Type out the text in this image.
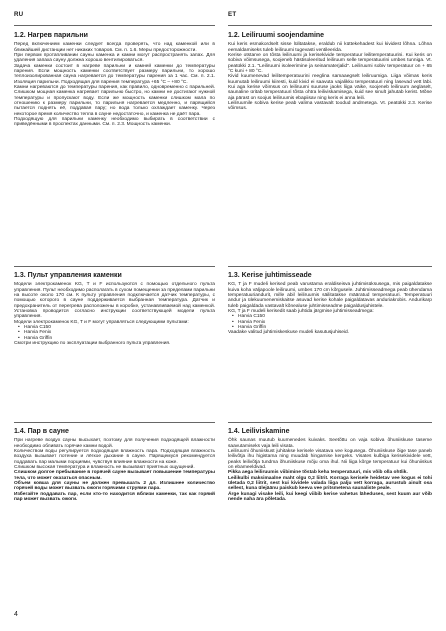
RU	ET
1.2. Нагрев парильни

Перед включением каменки следует всегда проверять, что над каменкой или в ближайшей дистанции нет никаких товаров. См. п. 1.6. Меры предосторожности.

При первом протапливании сауны каменка и камни могут распространять запах. Для удаления запаха сауну должна хорошо вентилироваться.

Задача каменки состоит в нагреве парильни и камней каменки до температуры парения. Если мощность каменки соответствует размеру парильни, то хорошо теплоизолированная сауна нагревается до температуры парения за 1 час. См. п. 2.1. Изоляция парильни. Подходящая для парения температура +65 °С – +80 °С.

Камни нагреваются до температуры парения, как правило, одновременно с парильней. Слишком мощная каменка нагревает парильню быстро, но камни не достигают нужной температуры и пропускают воду. Если же мощность каменки слишком мала по отношению к размеру парильни, то парильня нагревается медленно, и парящийся пытается поднять её, поддавая пару; но вода только охлаждает каменку. Через некоторое время количество тепла в сауне недостаточно, и каменка не даёт пара.

Подходящую для парильни каменку необходимо выбирать в соответствии с приведёнными в проспектах данными. См. п. 2.3. Мощность каменки.

1.3. Пульт управления каменки

Модели электрокаменок KG, T и F используются с помощью отдельного пульта управления. Пульт необходимо располагать в сухом помещении за пределами парильни на высоте около 170 см. К пульту управления подключается датчик температуры, с помощью которого в сауне поддерживается выбранная температура. Датчик и предохранитель от перегрева расположены в коробке, устанавливаемой над каменкой. Установка проводится согласно инструкции соответствующей модели пульта управления.

Модели электрокаменок KG, T и F могут управляться следующими пультами:

• Harvia C150
• Harvia Fenix
• Harvia Griffin

Смотри инструкцию по эксплуатации выбранного пульта управления.

1.4. Пар в сауне

При нагреве воздух сауны высыхает, поэтому для получения подходящей влажности необходимо обливать горячие камни водой.

Количеством воды регулируется подходящая влажность пара. Подходящая влажность воздуха вызывает потение и лёгкое дыхание в сауне. Парящемуся рекомендуется поддавать пар малыми порциями, чувствуя влияние влажности на коже.

Слишком высокая температура и влажность не вызывают приятных ощущений.

Слишком долгое пребывание в горячей сауне вызывает повышение температуры тела, что может оказаться опасным.

Объем ковша для сауны не должен превышать 2 дл. Излишнее количество горячей воды может вызвать ожоги горячими струями пара.

Избегайте поддавать пар, если кто-то находится вблизи каменки, так как горяий пар может вызвать ожоги.

1.2. Leiliruumi soojendamine

Kui keris esmakordselt sisse lülitatakse, eraldub nii küttekehadest kui kividest lõhna. Lõhna eemaldamiseks tuleb leiliruumi tugevasti ventileerida.

Kerise otstarve on tõsta leiliruumi ja kerisekivide temperatuur leilitemperatuurini. Kui keris on sobiva võimsusega, soojeneb hästisoleeritud leiliruum selle temperatuurini umbes tunniga. Vt. peatükki 2.1. "Leiliruumi isoleerimine ja seinamaterjalid". Leiliruumi sobiv temperatuur on + 65 °C kuni + 80 °C.

Kivid kuumenevad leilitemperatuurini reeglina samaaegselt leiliruumiga. Liiga võimas keris kuumutab leiliruumi kiiresti, kuid kivid ei saavuta vajalikku temperatuuri ning lasevad vett läbi. Kui aga kerise võimsus on leiliruumi suuruse jaoks liiga väike, soojeneb leiliruum aeglaselt, saunaline üritab temperatuuri tõsta ohtra leiliviskamisega, kuid see sinult jahutab kerist. Mõne aja pärast on soojus leiliruumis ebapiisav ning keris ei anna leili.

Leiliruumile sobiva kerise peab valima vastavalt toodud andmetega. Vt. peatükki 2.3. Kerise võimsus.

1.3. Kerise juhtimisseade

KG, T ja F mudeli kerised peab varustama eraldiseisva juhtimisüksusega, mis paigaldatakse kuiva koha väljapoole leiliruumi, umbes 170 cm kõrgusele. Juhtimisseadmega peab ühendama temperatuuriandurit, mille abil leiliruumis säilitatakse määratud temperatuuri. Temperatuuri andur ja ülekuumenemiskaitse asuvad kerise kohale paigaldatavas anduriakrobis. Andurikarp tuleb paigaldada vastavalt kõnealuse juhtimisseadme paigaldusjuhistele.

KG, T ja F mudeli kerisedit saab juhtida järgmise juhtimisseadmega:

• Harvia C150
• Harvia Fenix
• Harvia Griffin

Vaadake valitud juhtimiskeskuse mudeli kasutusjuhiseid.

1.4. Leiliviskamine

Õhk saunas muutub kuumenedes kuivaks. Seetõttu on vaja sobiva õhuniiskuse taseme saavutamiseks vaja leili visata.

Leiliruumi õhuniiskust juhitakse kerisele visatava vee kogusega. Õhuniiskuse õige tase paneb leilivõtja ihu higistama ning muudab hingamise kergeks. Visates kulbiga kerisekividele vett, peaks leilivõtja tundma õhuniiskuse mõju oma ihul. Nii liiga kõrge temperatuur kui õhuniiskus on ebameeldivad.

Pikka aega leiliruumis viibimine tõstab keha temperatuuri, mis võib olla ohtlik.

Leilikulbi maksimaalne maht olgu 0,2 liitrit. Korraga kerisele heidetav vee kogus ei tohi ületada 0,2 liitrit, sest kui kividele valada liiga palju vett korraga, aurustub ainult osa sellest, kuna ülejäänu paiskub keeva vee pritsmetena saunaliste peale.

Ärge kunagi visake leili, kui keegi viibib kerise vahetus läheduses, sest kuum aur võib nende naha ära põletada.

4
